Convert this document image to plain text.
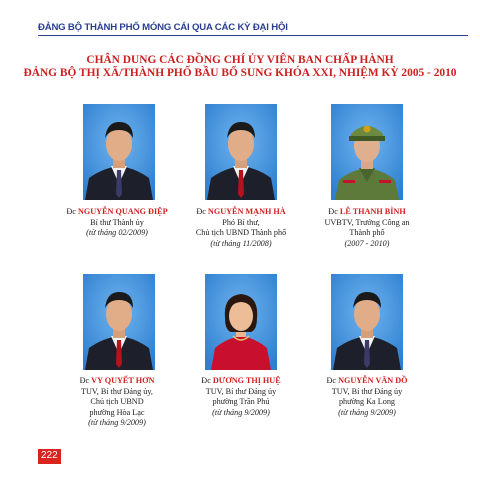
ĐẢNG BỘ THÀNH PHỐ MÓNG CÁI QUA CÁC KỲ ĐẠI HỘI
CHÂN DUNG CÁC ĐỒNG CHÍ ỦY VIÊN BAN CHẤP HÀNH
ĐẢNG BỘ THỊ XÃ/THÀNH PHỐ BẦU BỔ SUNG KHÓA XXI, NHIỆM KỲ 2005 - 2010
Đc NGUYỄN QUANG ĐIỆP
Bí thư Thành ủy
(từ tháng 02/2009)
Đc NGUYỄN MẠNH HÀ
Phó Bí thư,
Chủ tịch UBND Thành phố
(từ tháng 11/2008)
Đc LÊ THANH BÌNH
UVBTV, Trưởng Công an
Thành phố
(2007 - 2010)
Đc VY QUYẾT HƠN
TUV, Bí thư Đảng ủy,
Chủ tịch UBND
phường Hòa Lạc
(từ tháng 9/2009)
Đc DƯƠNG THỊ HUỆ
TUV, Bí thư Đảng ủy
phường Trần Phú
(từ tháng 9/2009)
Đc NGUYỄN VĂN DỒ
TUV, Bí thư Đảng ủy
phường Ka Long
(từ tháng 9/2009)
222
